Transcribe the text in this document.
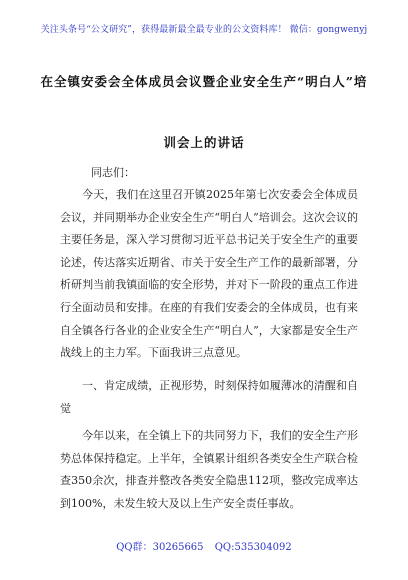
关注头条号“公文研究”，获得最新最全最专业的公文资料库！ 微信：gongwenyj
在全镇安委会全体成员会议暨企业安全生产“明白人”培
训会上的讲话
同志们：

今天，我们在这里召开镇2025年第七次安委会全体成员会议，并同期举办企业安全生产“明白人”培训会。这次会议的主要任务是，深入学习贯彻习近平总书记关于安全生产的重要论述，传达落实近期省、市关于安全生产工作的最新部署，分析研判当前我镇面临的安全形势，并对下一阶段的重点工作进行全面动员和安排。在座的有我们安委会的全体成员，也有来自全镇各行各业的企业安全生产“明白人”，大家都是安全生产战线上的主力军。下面我讲三点意见。

一、肯定成绩，正视形势，时刻保持如履薄冰的清醒和自觉

今年以来，在全镇上下的共同努力下，我们的安全生产形势总体保持稳定。上半年，全镇累计组织各类安全生产联合检查350余次，排查并整改各类安全隐患112项，整改完成率达到100%，未发生较大及以上生产安全责任事故。

QQ群：30265665 QQ:535304092
